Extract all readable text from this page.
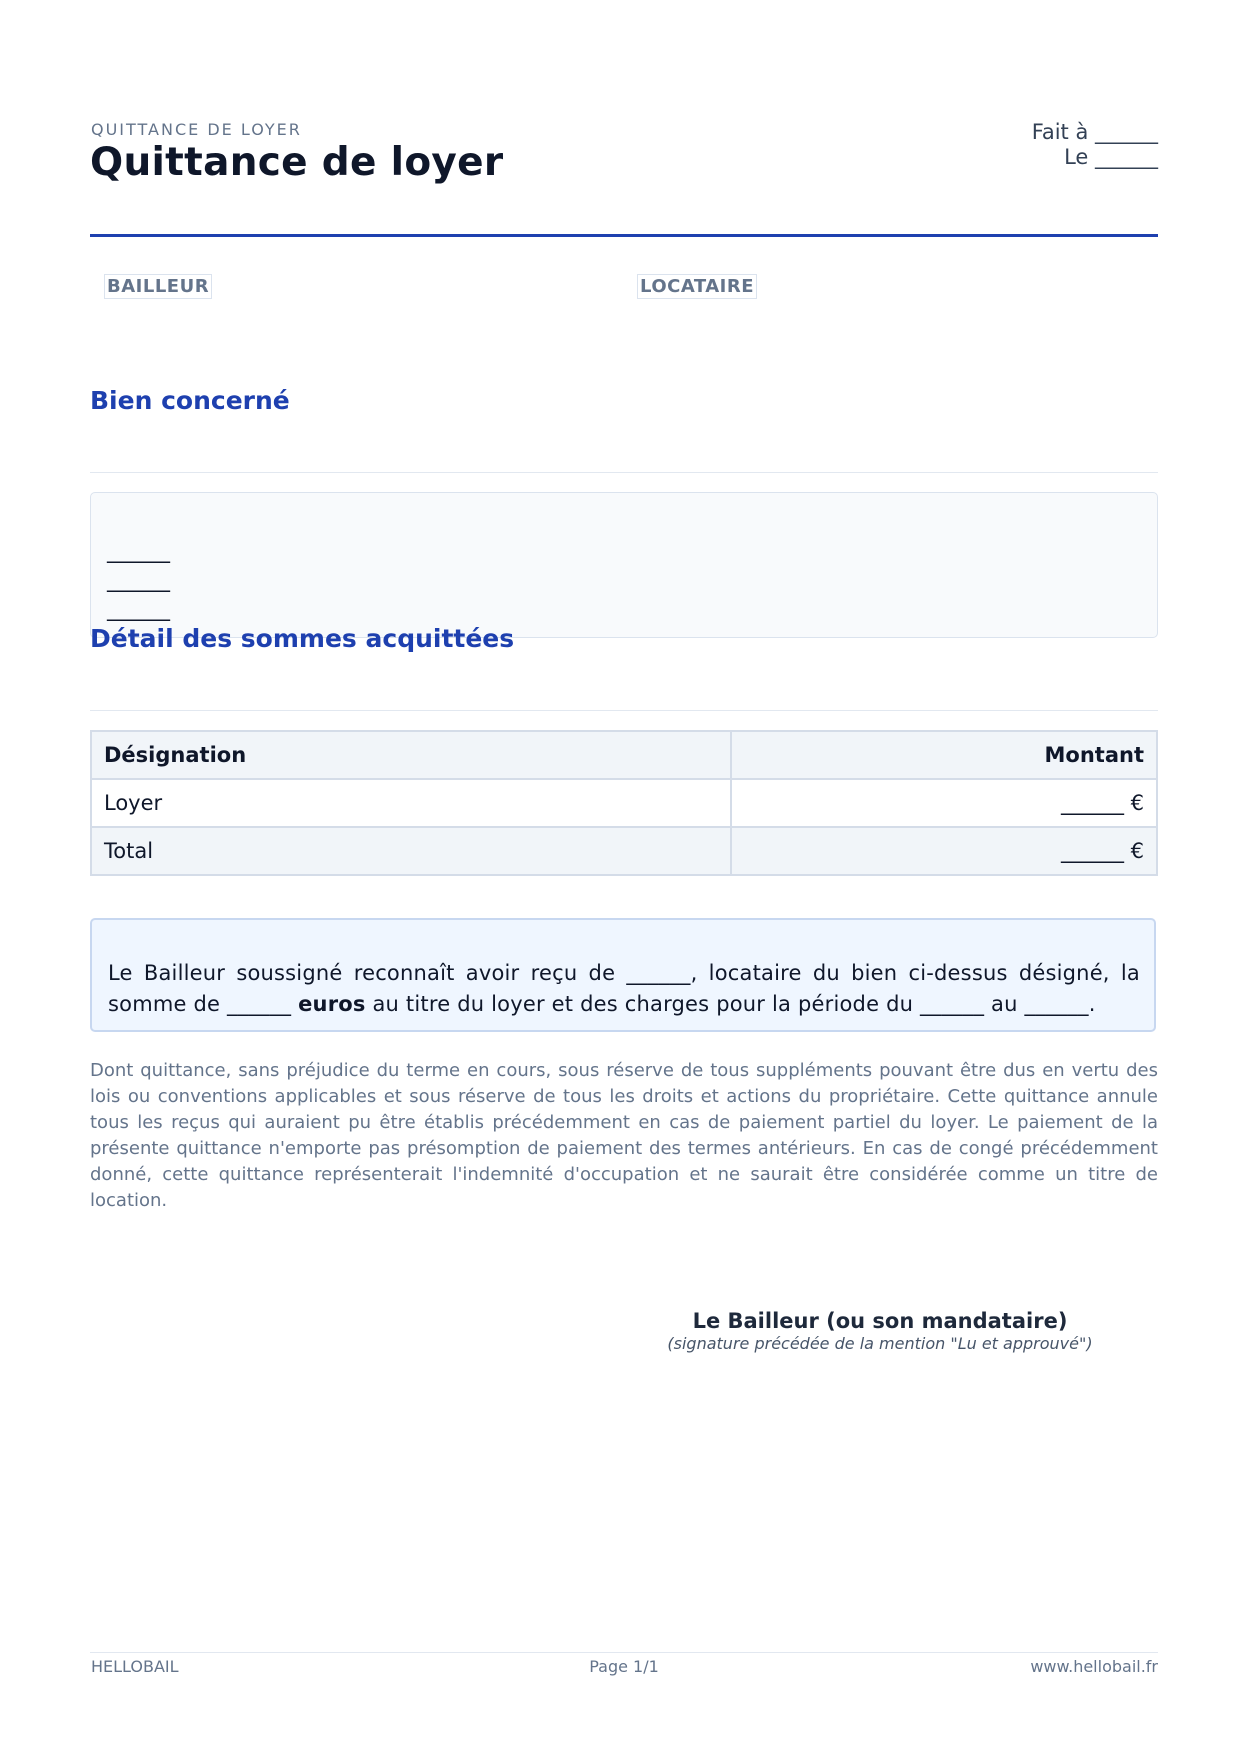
QUITTANCE DE LOYER
Quittance de loyer
Fait à ______
Le ______
BAILLEUR	LOCATAIRE
Bien concerné
______
______
______
Détail des sommes acquittées
Désignation	Montant
Loyer	______ €
Total	______ €
Le Bailleur soussigné reconnaît avoir reçu de ______, locataire du bien ci-dessus désigné, la somme de ______ euros au titre du loyer et des charges pour la période du ______ au ______.
Dont quittance, sans préjudice du terme en cours, sous réserve de tous suppléments pouvant être dus en vertu des lois ou conventions applicables et sous réserve de tous les droits et actions du propriétaire. Cette quittance annule tous les reçus qui auraient pu être établis précédemment en cas de paiement partiel du loyer. Le paiement de la présente quittance n'emporte pas présomption de paiement des termes antérieurs. En cas de congé précédemment donné, cette quittance représenterait l'indemnité d'occupation et ne saurait être considérée comme un titre de location.
Le Bailleur (ou son mandataire)
(signature précédée de la mention "Lu et approuvé")
HELLOBAIL	Page 1/1	www.hellobail.fr
